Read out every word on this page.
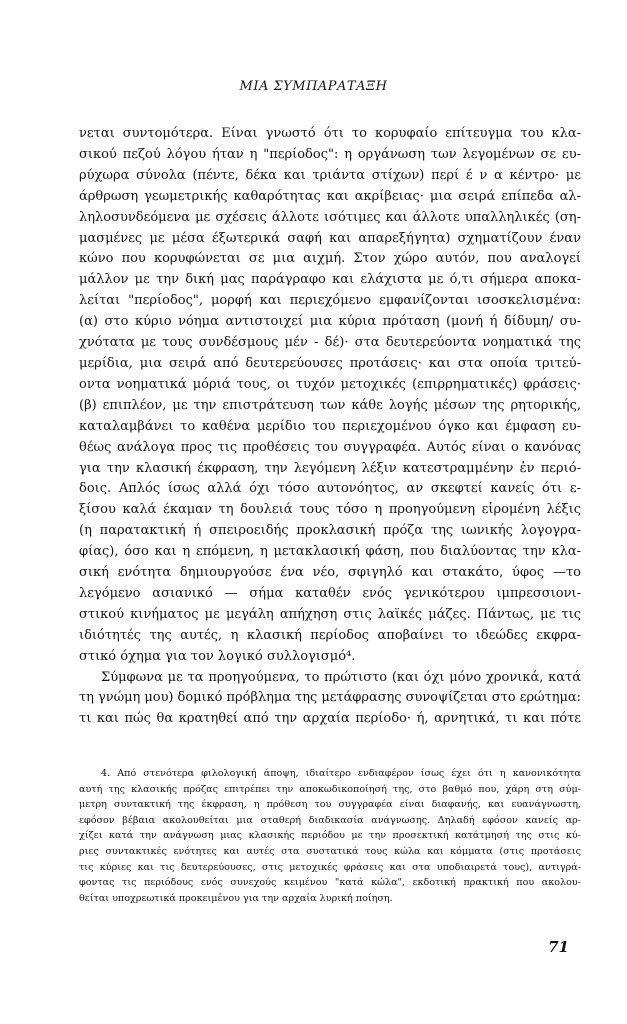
ΜΙΑ ΣΥΜΠΑΡΑΤΑΞΗ
νεται συντομότερα. Είναι γνωστό ότι το κορυφαίο επίτευγμα του κλα-
σικού πεζού λόγου ήταν η "περίοδος": η οργάνωση των λεγομένων σε ευ-
ρύχωρα σύνολα (πέντε, δέκα και τριάντα στίχων) περί έ ν α κέντρο· με
άρθρωση γεωμετρικής καθαρότητας και ακρίβειας· μια σειρά επίπεδα αλ-
ληλοσυνδεόμενα με σχέσεις άλλοτε ισότιμες και άλλοτε υπαλληλικές (ση-
μασμένες με μέσα έξωτερικά σαφή και απαρεξήγητα) σχηματίζουν έναν
κώνο που κορυφώνεται σε μια αιχμή. Στον χώρο αυτόν, που αναλογεί
μάλλον με την δική μας παράγραφο και ελάχιστα με ό,τι σήμερα αποκα-
λείται "περίοδος", μορφή και περιεχόμενο εμφανίζονται ισοσκελισμένα:
(α) στο κύριο νόημα αντιστοιχεί μια κύρια πρόταση (μονή ή δίδυμη/ συ-
χνότατα με τους συνδέσμους μέν - δέ)· στα δευτερεύοντα νοηματικά της
μερίδια, μια σειρά από δευτερεύουσες προτάσεις· και στα οποία τριτεύ-
οντα νοηματικά μόριά τους, οι τυχόν μετοχικές (επιρρηματικές) φράσεις·
(β) επιπλέον, με την επιστράτευση των κάθε λογής μέσων της ρητορικής,
καταλαμβάνει το καθένα μερίδιο του περιεχομένου όγκο και έμφαση ευ-
θέως ανάλογα προς τις προθέσεις του συγγραφέα. Αυτός είναι ο κανόνας
για την κλασική έκφραση, την λεγόμενη λέξιν κατεστραμμένην ἐν περιό-
δοις. Απλός ίσως αλλά όχι τόσο αυτονόητος, αν σκεφτεί κανείς ότι ε-
ξίσου καλά έκαμαν τη δουλειά τους τόσο η προηγούμενη εἰρομένη λέξις
(η παρατακτική ή σπειροειδής προκλασική πρόζα της ιωνικής λογογρα-
φίας), όσο και η επόμενη, η μετακλασική φάση, που διαλύοντας την κλα-
σική ενότητα δημιουργούσε ένα νέο, σφιγηλό και στακάτο, ύφος —το
λεγόμενο ασιανικό — σήμα καταθέν ενός γενικότερου ιμπρεσσιονι-
στικού κινήματος με μεγάλη απήχηση στις λαϊκές μάζες. Πάντως, με τις
ιδιότητές της αυτές, η κλασική περίοδος αποβαίνει το ιδεώδες εκφρα-
στικό όχημα για τον λογικό συλλογισμό⁴.
Σύμφωνα με τα προηγούμενα, το πρώτιστο (και όχι μόνο χρονικά, κατά
τη γνώμη μου) δομικό πρόβλημα της μετάφρασης συνοψίζεται στο ερώτημα:
τι και πώς θα κρατηθεί από την αρχαία περίοδο· ή, αρνητικά, τι και πότε
4. Από στενότερα φιλολογική άποψη, ιδιαίτερο ενδιαφέρον ίσως έχει ότι η κανονικότητα
αυτή της κλασικής πρόζας επιτρέπει την αποκωδικοποίησή της, στο βαθμό που, χάρη στη σύμ-
μετρη συντακτική της έκφραση, η πρόθεση του συγγραφέα είναι διαφανής, και ευανάγνωστη,
εφόσον βέβαια ακολουθείται μια σταθερή διαδικασία ανάγνωσης. Δηλαδή εφόσον κανείς αρ-
χίζει κατά την ανάγνωση μιας κλασικής περιόδου με την προσεκτική κατάτμησή της στις κύ-
ριες συντακτικές ενότητες και αυτές στα συστατικά τους κώλα και κόμματα (στις προτάσεις
τις κύριες και τις δευτερεύουσες, στις μετοχικές φράσεις και στα υποδιαιρετά τους), αντιγρά-
φοντας τις περιόδους ενός συνεχούς κειμένου "κατά κώλα", εκδοτική πρακτική που ακολου-
θείται υποχρεωτικά προκειμένου για την αρχαία λυρική ποίηση.
71
